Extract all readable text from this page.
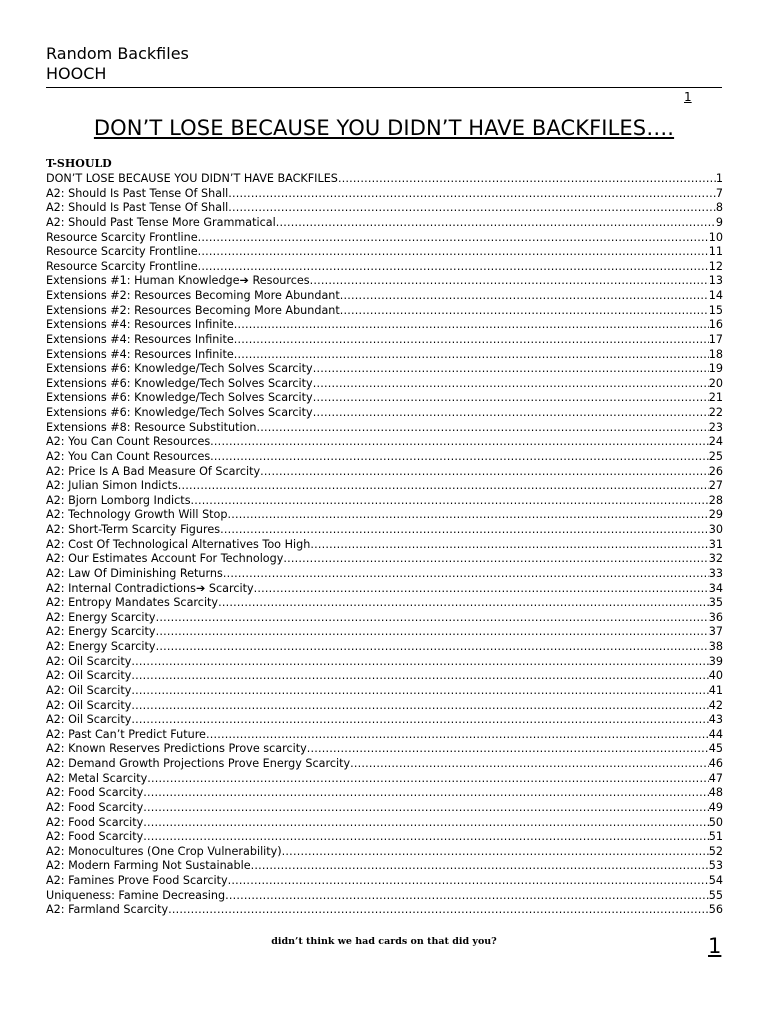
Random Backfiles
HOOCH
1
DON’T LOSE BECAUSE YOU DIDN’T HAVE BACKFILES….
T-SHOULD
DON’T LOSE BECAUSE YOU DIDN’T HAVE BACKFILES… .....	1
A2: Should Is Past Tense Of Shall .....	7
A2: Should Is Past Tense Of Shall .....	8
A2: Should Past Tense More Grammatical .....	9
Resource Scarcity Frontline .....	10
Resource Scarcity Frontline .....	11
Resource Scarcity Frontline .....	12
Extensions #1: Human Knowledge ➔
Resources .....	13
Extensions #2: Resources Becoming More Abundant .....	14
Extensions #2: Resources Becoming More Abundant .....	15
Extensions #4: Resources Infinite .....	16
Extensions #4: Resources Infinite .....	17
Extensions #4: Resources Infinite .....	18
Extensions #6: Knowledge/Tech Solves Scarcity .....	19
Extensions #6: Knowledge/Tech Solves Scarcity .....	20
Extensions #6: Knowledge/Tech Solves Scarcity .....	21
Extensions #6: Knowledge/Tech Solves Scarcity .....	22
Extensions #8: Resource Substitution .....	23
A2: You Can Count Resources .....	24
A2: You Can Count Resources .....	25
A2: Price Is A Bad Measure Of Scarcity .....	26
A2: Julian Simon Indicts .....	27
A2: Bjorn Lomborg Indicts .....	28
A2: Technology Growth Will Stop .....	29
A2: Short-Term Scarcity Figures .....	30
A2: Cost Of Technological Alternatives Too High .....	31
A2: Our Estimates Account For Technology .....	32
A2: Law Of Diminishing Returns .....	33
A2: Internal Contradictions ➔
Scarcity .....	34
A2: Entropy Mandates Scarcity .....	35
A2: Energy Scarcity .....	36
A2: Energy Scarcity .....	37
A2: Energy Scarcity .....	38
A2: Oil Scarcity .....	39
A2: Oil Scarcity .....	40
A2: Oil Scarcity .....	41
A2: Oil Scarcity .....	42
A2: Oil Scarcity .....	43
A2: Past Can’t Predict Future .....	44
A2: Known Reserves Predictions Prove scarcity .....	45
A2: Demand Growth Projections Prove Energy Scarcity .....	46
A2: Metal Scarcity .....	47
A2: Food Scarcity .....	48
A2: Food Scarcity .....	49
A2: Food Scarcity .....	50
A2: Food Scarcity .....	51
A2: Monocultures (One Crop Vulnerability) .....	52
A2: Modern Farming Not Sustainable .....	53
A2: Famines Prove Food Scarcity .....	54
Uniqueness: Famine Decreasing .....	55
A2: Farmland Scarcity .....	56
didn’t think we had cards on that did you?	1
